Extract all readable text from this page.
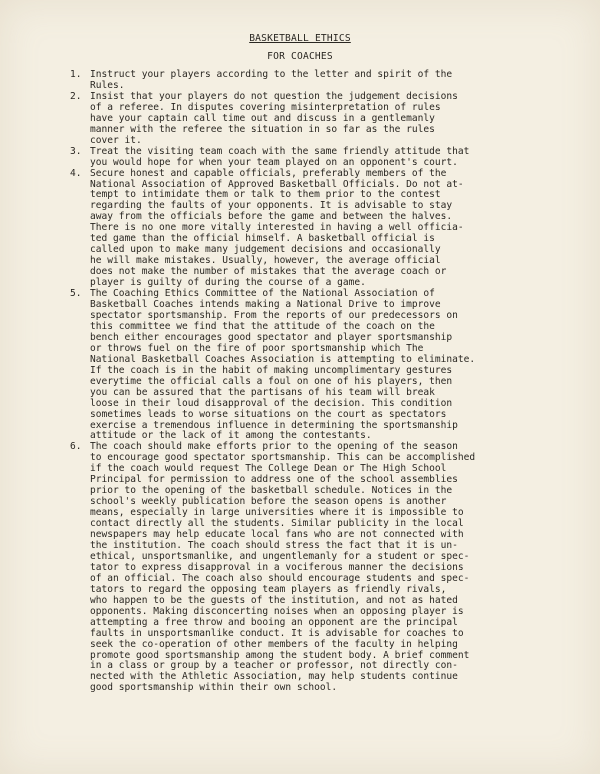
BASKETBALL ETHICS
FOR COACHES
1. Instruct your players according to the letter and spirit of the
Rules.
2. Insist that your players do not question the judgement decisions
of a referee. In disputes covering misinterpretation of rules
have your captain call time out and discuss in a gentlemanly
manner with the referee the situation in so far as the rules
cover it.
3. Treat the visiting team coach with the same friendly attitude that
you would hope for when your team played on an opponent's court.
4. Secure honest and capable officials, preferably members of the
National Association of Approved Basketball Officials. Do not at-
tempt to intimidate them or talk to them prior to the contest
regarding the faults of your opponents. It is advisable to stay
away from the officials before the game and between the halves.
There is no one more vitally interested in having a well officia-
ted game than the official himself. A basketball official is
called upon to make many judgement decisions and occasionally
he will make mistakes. Usually, however, the average official
does not make the number of mistakes that the average coach or
player is guilty of during the course of a game.
5. The Coaching Ethics Committee of the National Association of
Basketball Coaches intends making a National Drive to improve
spectator sportsmanship. From the reports of our predecessors on
this committee we find that the attitude of the coach on the
bench either encourages good spectator and player sportsmanship
or throws fuel on the fire of poor sportsmanship which The
National Basketball Coaches Association is attempting to eliminate.
If the coach is in the habit of making uncomplimentary gestures
everytime the official calls a foul on one of his players, then
you can be assured that the partisans of his team will break
loose in their loud disapproval of the decision. This condition
sometimes leads to worse situations on the court as spectators
exercise a tremendous influence in determining the sportsmanship
attitude or the lack of it among the contestants.
6. The coach should make efforts prior to the opening of the season
to encourage good spectator sportsmanship. This can be accomplished
if the coach would request The College Dean or The High School
Principal for permission to address one of the school assemblies
prior to the opening of the basketball schedule. Notices in the
school's weekly publication before the season opens is another
means, especially in large universities where it is impossible to
contact directly all the students. Similar publicity in the local
newspapers may help educate local fans who are not connected with
the institution. The coach should stress the fact that it is un-
ethical, unsportsmanlike, and ungentlemanly for a student or spec-
tator to express disapproval in a vociferous manner the decisions
of an official. The coach also should encourage students and spec-
tators to regard the opposing team players as friendly rivals,
who happen to be the guests of the institution, and not as hated
opponents. Making disconcerting noises when an opposing player is
attempting a free throw and booing an opponent are the principal
faults in unsportsmanlike conduct. It is advisable for coaches to
seek the co-operation of other members of the faculty in helping
promote good sportsmanship among the student body. A brief comment
in a class or group by a teacher or professor, not directly con-
nected with the Athletic Association, may help students continue
good sportsmanship within their own school.
